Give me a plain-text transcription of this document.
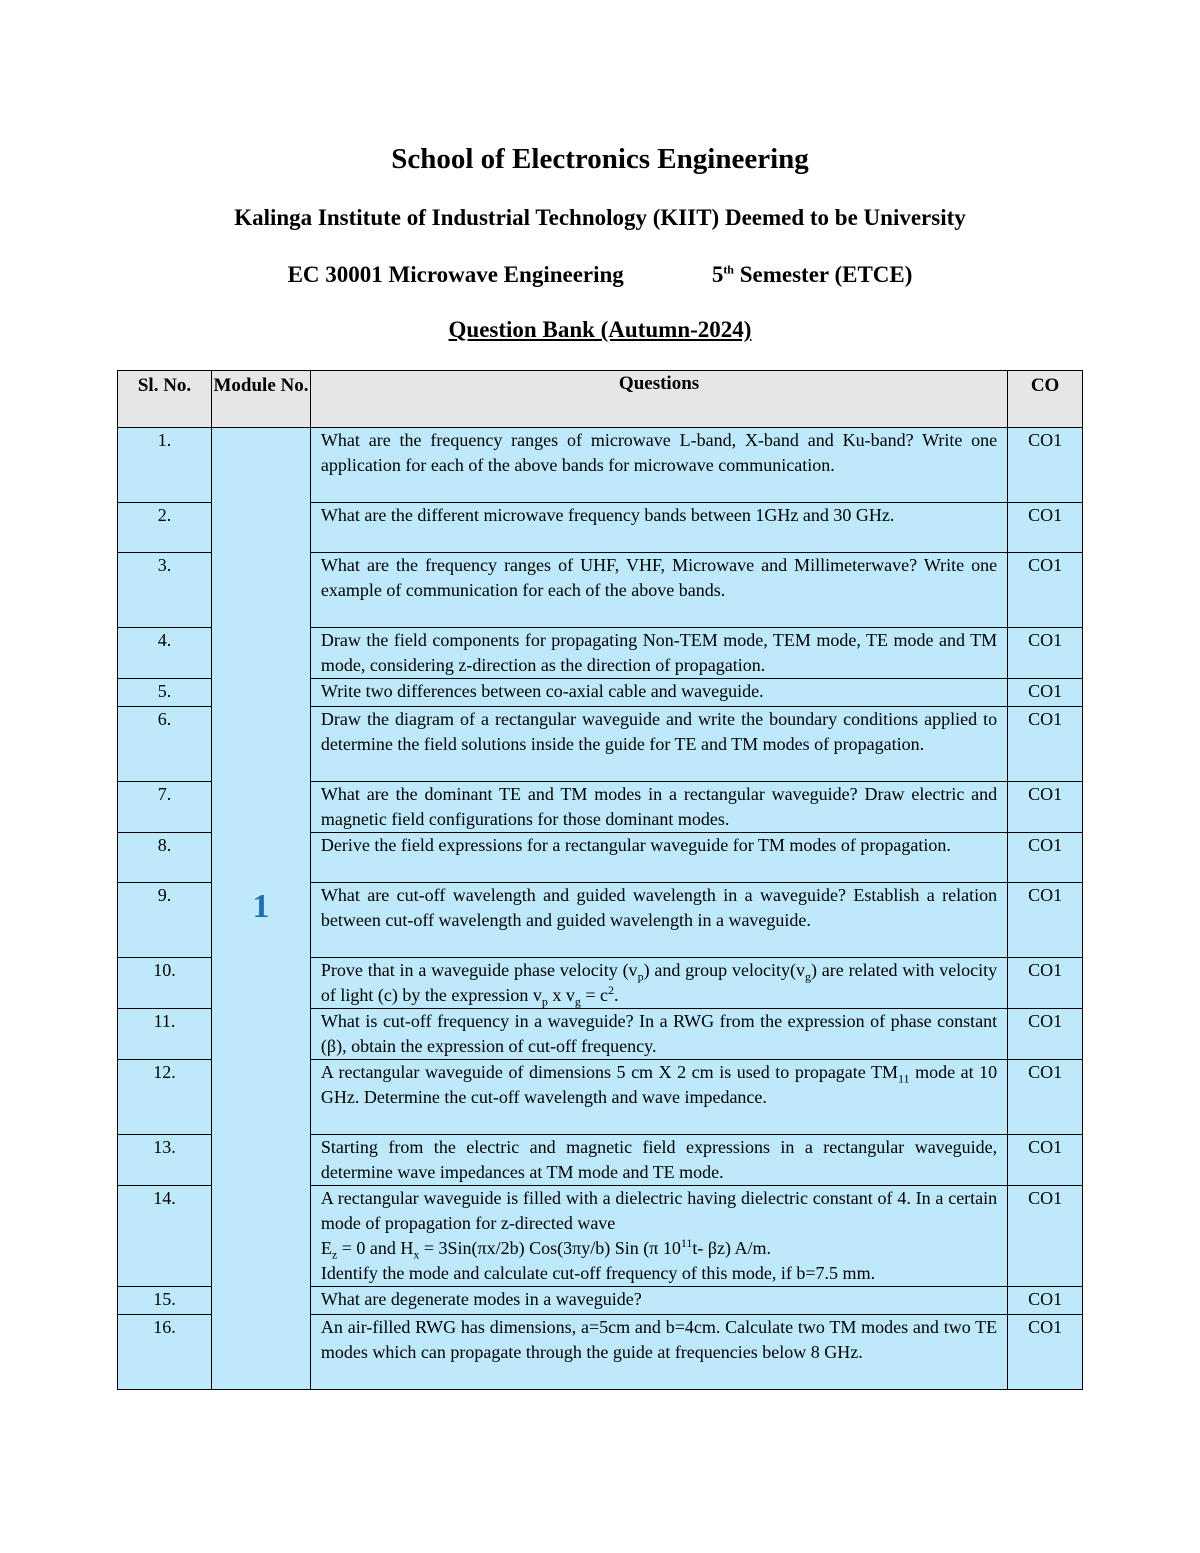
School of Electronics Engineering
Kalinga Institute of Industrial Technology (KIIT) Deemed to be University
EC 30001 Microwave Engineering	5th Semester (ETCE)
Question Bank (Autumn-2024)
Sl. No.	Module No.	Questions	CO
1.	1	What are the frequency ranges of microwave L-band, X-band and Ku-band? Write one application for each of the above bands for microwave communication.	CO1
2.		What are the different microwave frequency bands between 1GHz and 30 GHz.	CO1
3.		What are the frequency ranges of UHF, VHF, Microwave and Millimeterwave? Write one example of communication for each of the above bands.	CO1
4.		Draw the field components for propagating Non-TEM mode, TEM mode, TE mode and TM mode, considering z-direction as the direction of propagation.	CO1
5.		Write two differences between co-axial cable and waveguide.	CO1
6.		Draw the diagram of a rectangular waveguide and write the boundary conditions applied to determine the field solutions inside the guide for TE and TM modes of propagation.	CO1
7.		What are the dominant TE and TM modes in a rectangular waveguide? Draw electric and magnetic field configurations for those dominant modes.	CO1
8.		Derive the field expressions for a rectangular waveguide for TM modes of propagation.	CO1
9.		What are cut-off wavelength and guided wavelength in a waveguide? Establish a relation between cut-off wavelength and guided wavelength in a waveguide.	CO1
10.		Prove that in a waveguide phase velocity $(v_p)$ and group $velocity(v_g)$ are related with velocity of light (c) by the expression $v_p$ x $v_g = c^2$.	CO1
11.		What is cut-off frequency in a waveguide? In a RWG from the expression of phase constant (β), obtain the expression of cut-off frequency.	CO1
12.		A rectangular waveguide of dimensions 5 cm X 2 cm is used to propagate $TM_{11}$ mode at 10 GHz. Determine the cut-off wavelength and wave impedance.	CO1
13.		Starting from the electric and magnetic field expressions in a rectangular waveguide, determine wave impedances at TM mode and TE mode.	CO1
14.		A rectangular waveguide is filled with a dielectric having dielectric constant of 4. In a certain mode of propagation for z-directed wave
$E_z = 0$ and $H_x = 3Sin(\pi x/2b)$ Cos(3πy/b) Sin (π $10^{11}t-$ βz) A/m.
Identify the mode and calculate cut-off frequency of this mode, if b=7.5 mm.	CO1
15.		What are degenerate modes in a waveguide?	CO1
16.		An air-filled RWG has dimensions, a=5cm and b=4cm. Calculate two TM modes and two TE modes which can propagate through the guide at frequencies below 8 GHz.	CO1
